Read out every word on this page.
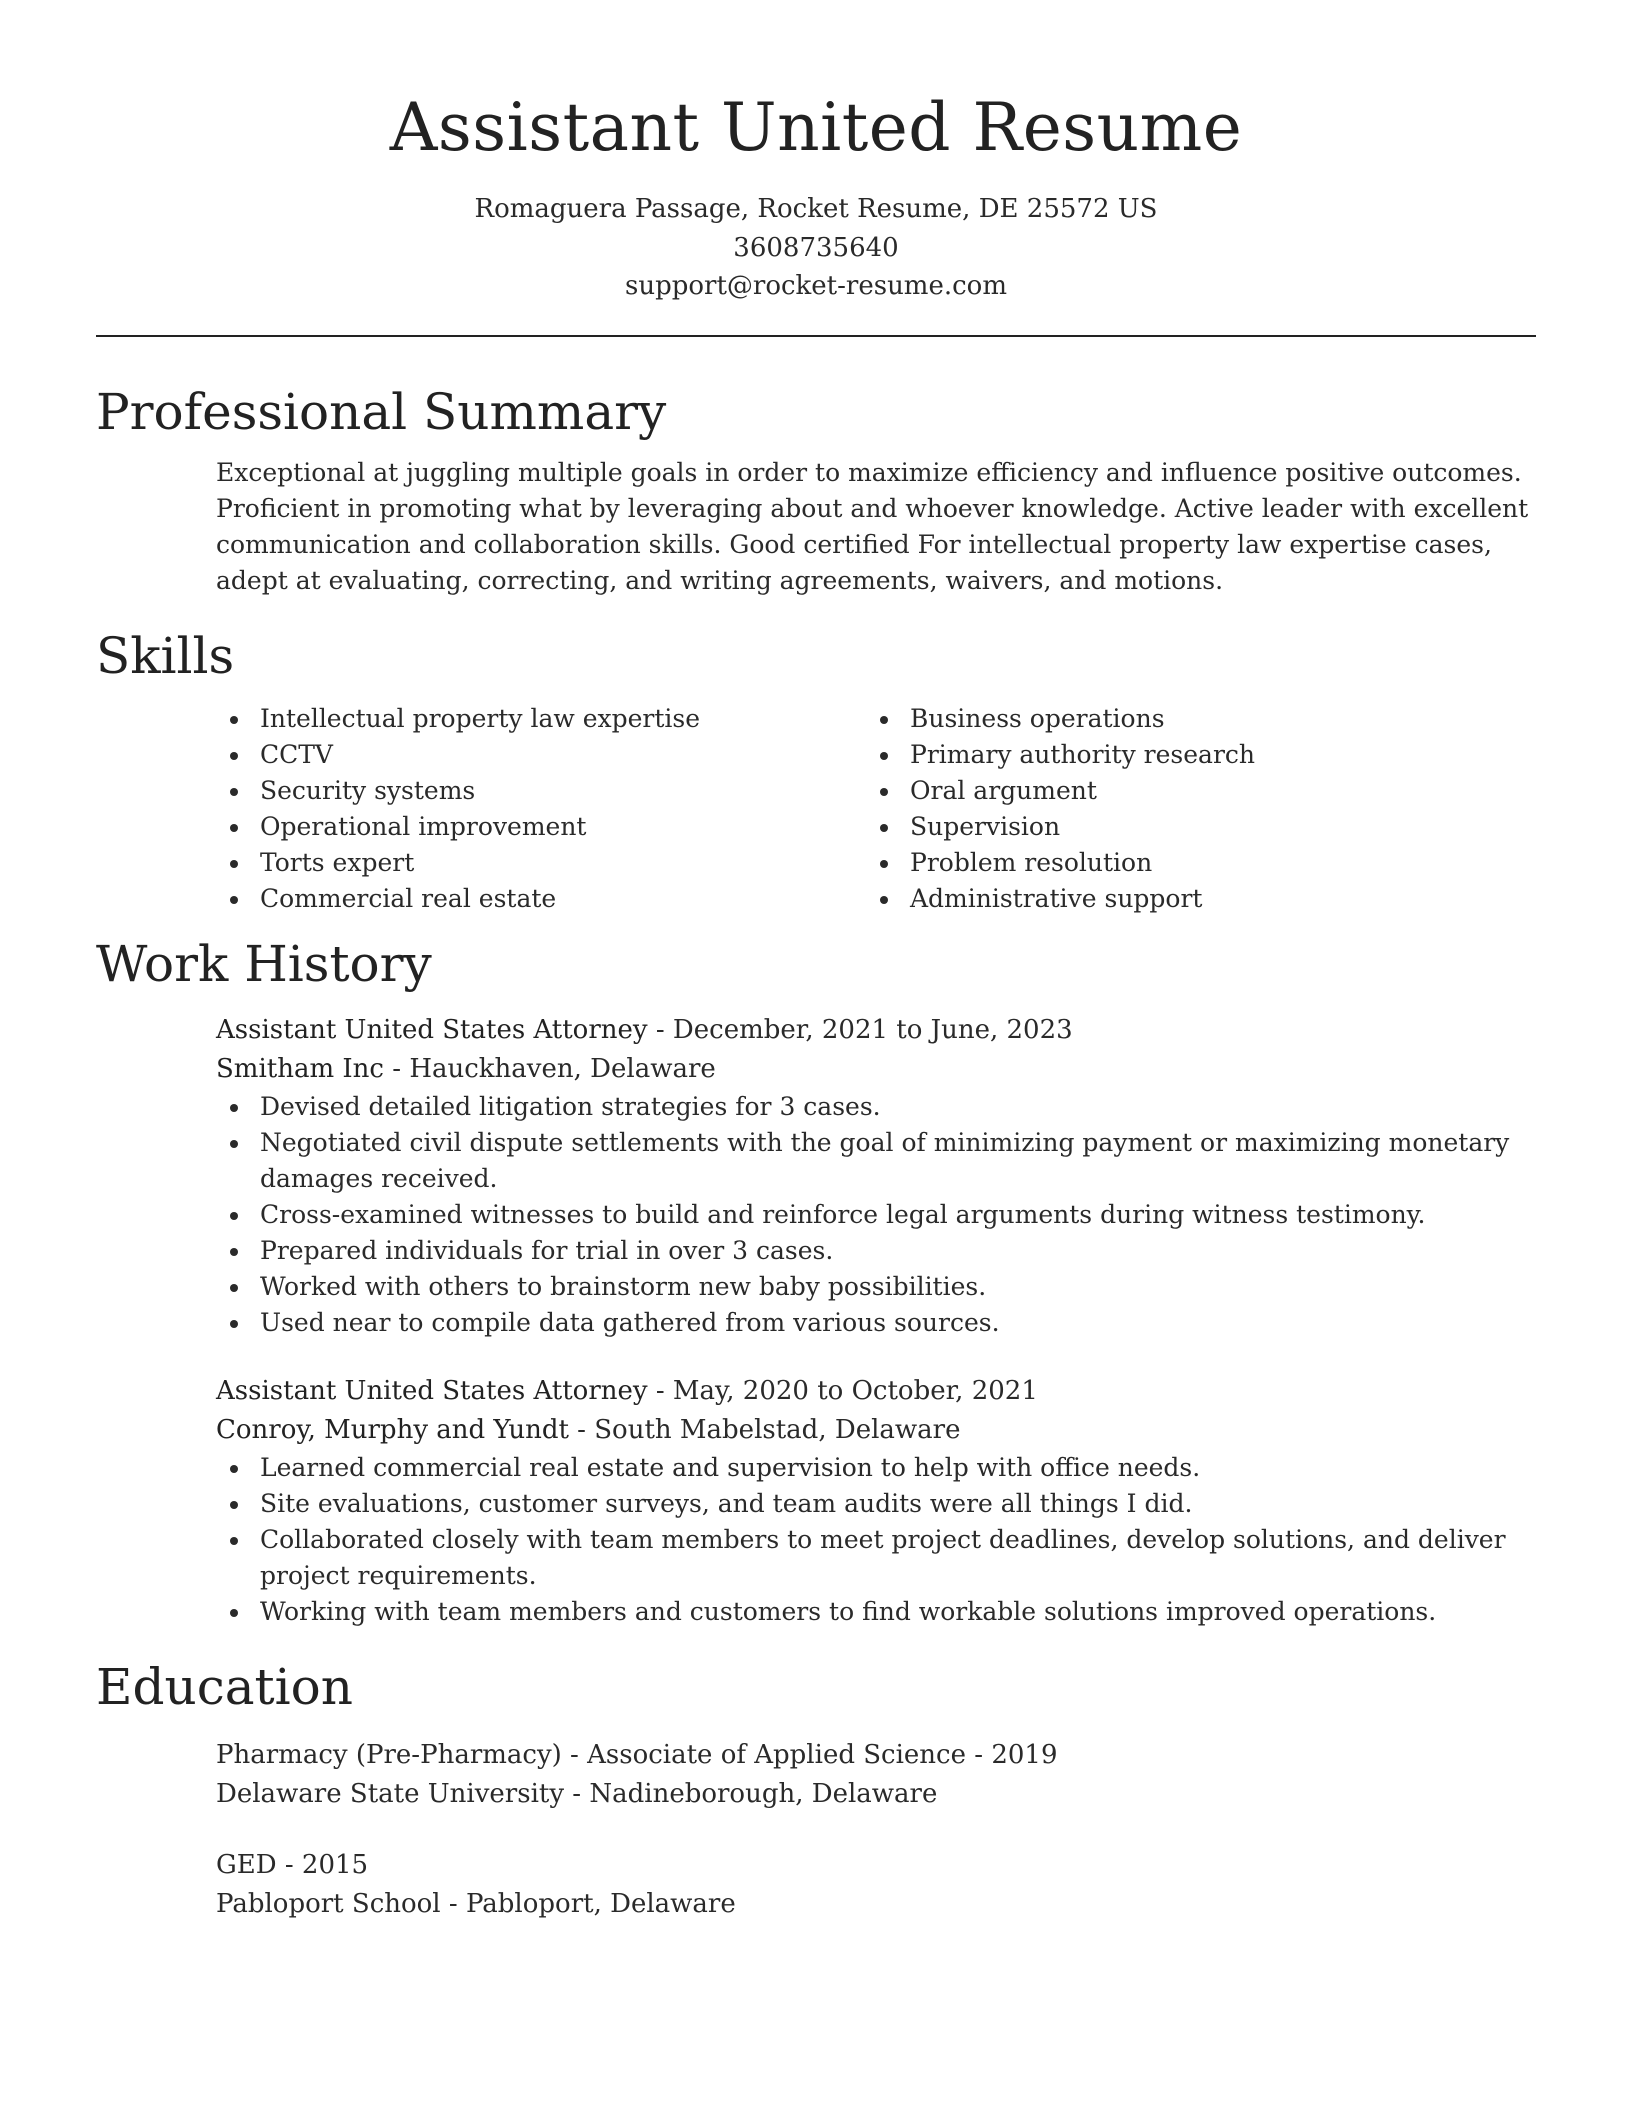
Assistant United Resume
Romaguera Passage, Rocket Resume, DE 25572 US
3608735640
support@rocket-resume.com
Professional Summary
Exceptional at juggling multiple goals in order to maximize efficiency and influence positive outcomes. Proficient in promoting what by leveraging about and whoever knowledge. Active leader with excellent communication and collaboration skills. Good certified For intellectual property law expertise cases, adept at evaluating, correcting, and writing agreements, waivers, and motions.
Skills
Intellectual property law expertise
CCTV
Security systems
Operational improvement
Torts expert
Commercial real estate
Business operations
Primary authority research
Oral argument
Supervision
Problem resolution
Administrative support
Work History
Assistant United States Attorney - December, 2021 to June, 2023
Smitham Inc - Hauckhaven, Delaware
Devised detailed litigation strategies for 3 cases.
Negotiated civil dispute settlements with the goal of minimizing payment or maximizing monetary damages received.
Cross-examined witnesses to build and reinforce legal arguments during witness testimony.
Prepared individuals for trial in over 3 cases.
Worked with others to brainstorm new baby possibilities.
Used near to compile data gathered from various sources.
Assistant United States Attorney - May, 2020 to October, 2021
Conroy, Murphy and Yundt - South Mabelstad, Delaware
Learned commercial real estate and supervision to help with office needs.
Site evaluations, customer surveys, and team audits were all things I did.
Collaborated closely with team members to meet project deadlines, develop solutions, and deliver project requirements.
Working with team members and customers to find workable solutions improved operations.
Education
Pharmacy (Pre-Pharmacy) - Associate of Applied Science - 2019
Delaware State University - Nadineborough, Delaware
GED - 2015
Pabloport School - Pabloport, Delaware
